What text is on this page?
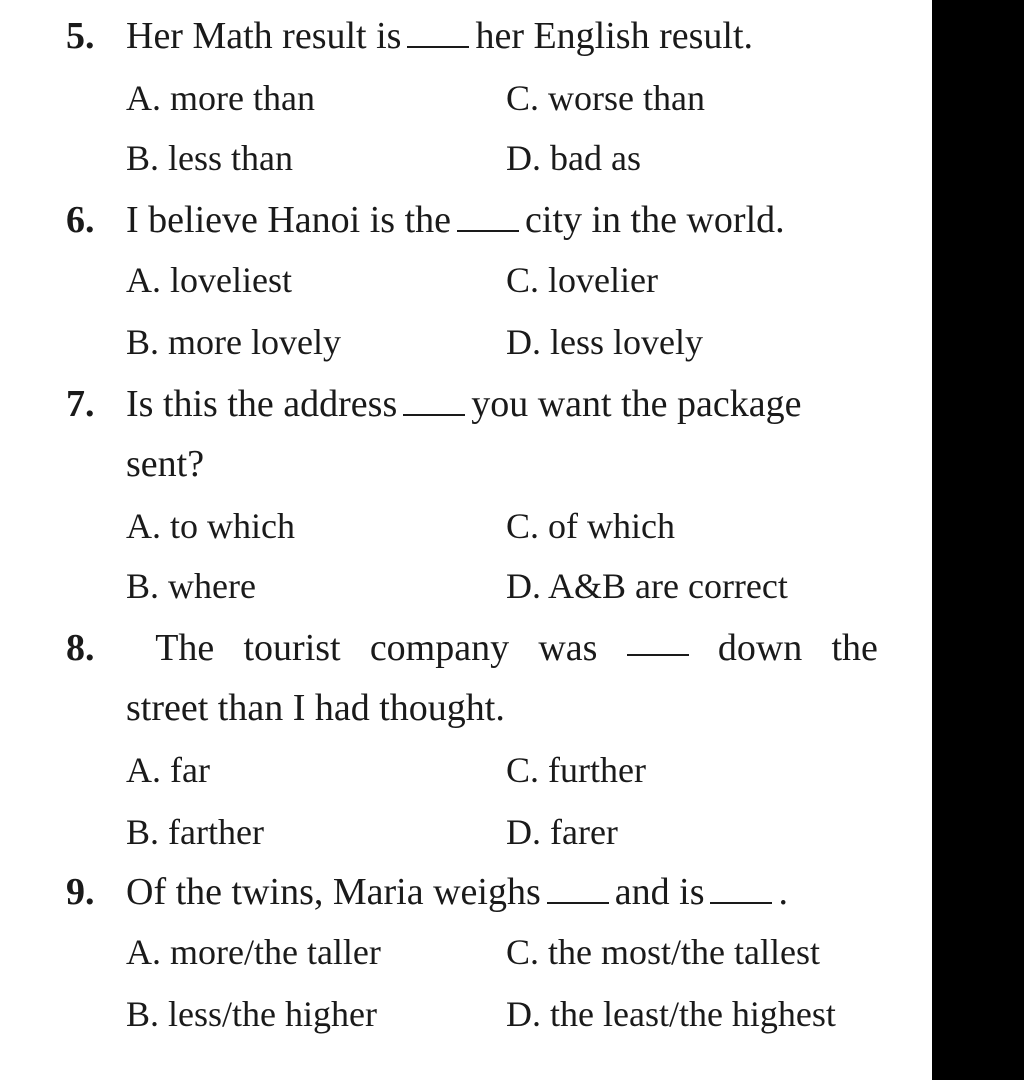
5. Her Math result is her English result.
A. more than	C. worse than
B. less than	D. bad as
6. I believe Hanoi is the city in the world.
A. loveliest	C. lovelier
B. more lovely	D. less lovely
7. Is this the address you want the package
sent?
A. to which	C. of which
B. where	D. A&B are correct
8.	The tourist company was	down the
street than I had thought.
A. far	C. further
B. farther	D. farer
9. Of the twins, Maria weighs and is .
A. more/the taller	C. the most/the tallest
B. less/the higher	D. the least/the highest
